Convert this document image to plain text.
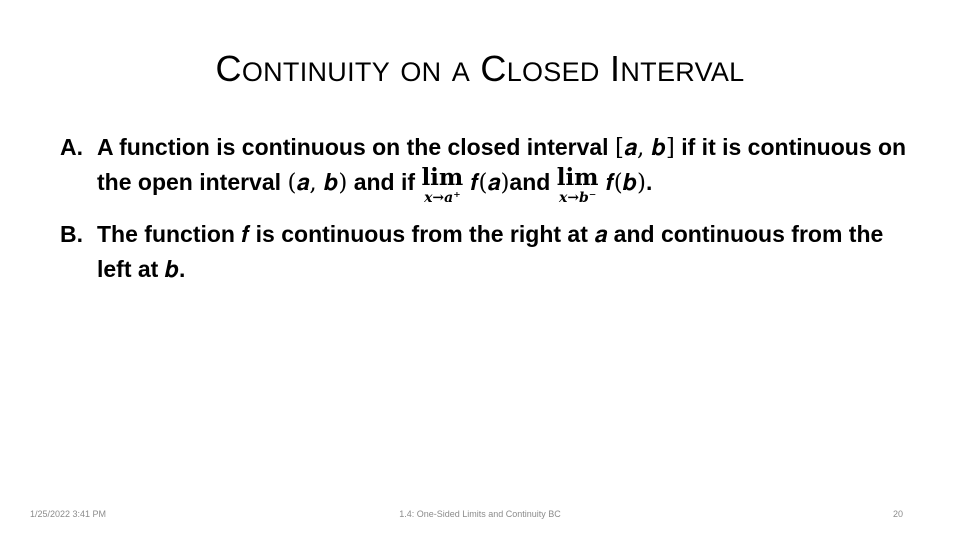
CONTINUITY ON A CLOSED INTERVAL
A. A function is continuous on the closed interval [𝒂, 𝒃] if it is continuous on the open interval (𝒂, 𝒃) and if lim
𝒙→𝒂⁺
𝒇(𝒂)and lim
𝒙→𝒃⁻
𝒇(𝒃).
B. The function 𝒇 is continuous from the right at 𝒂 and continuous from the left at 𝒃.
1/25/2022 3:41 PM	1.4: One-Sided Limits and Continuity BC	20
